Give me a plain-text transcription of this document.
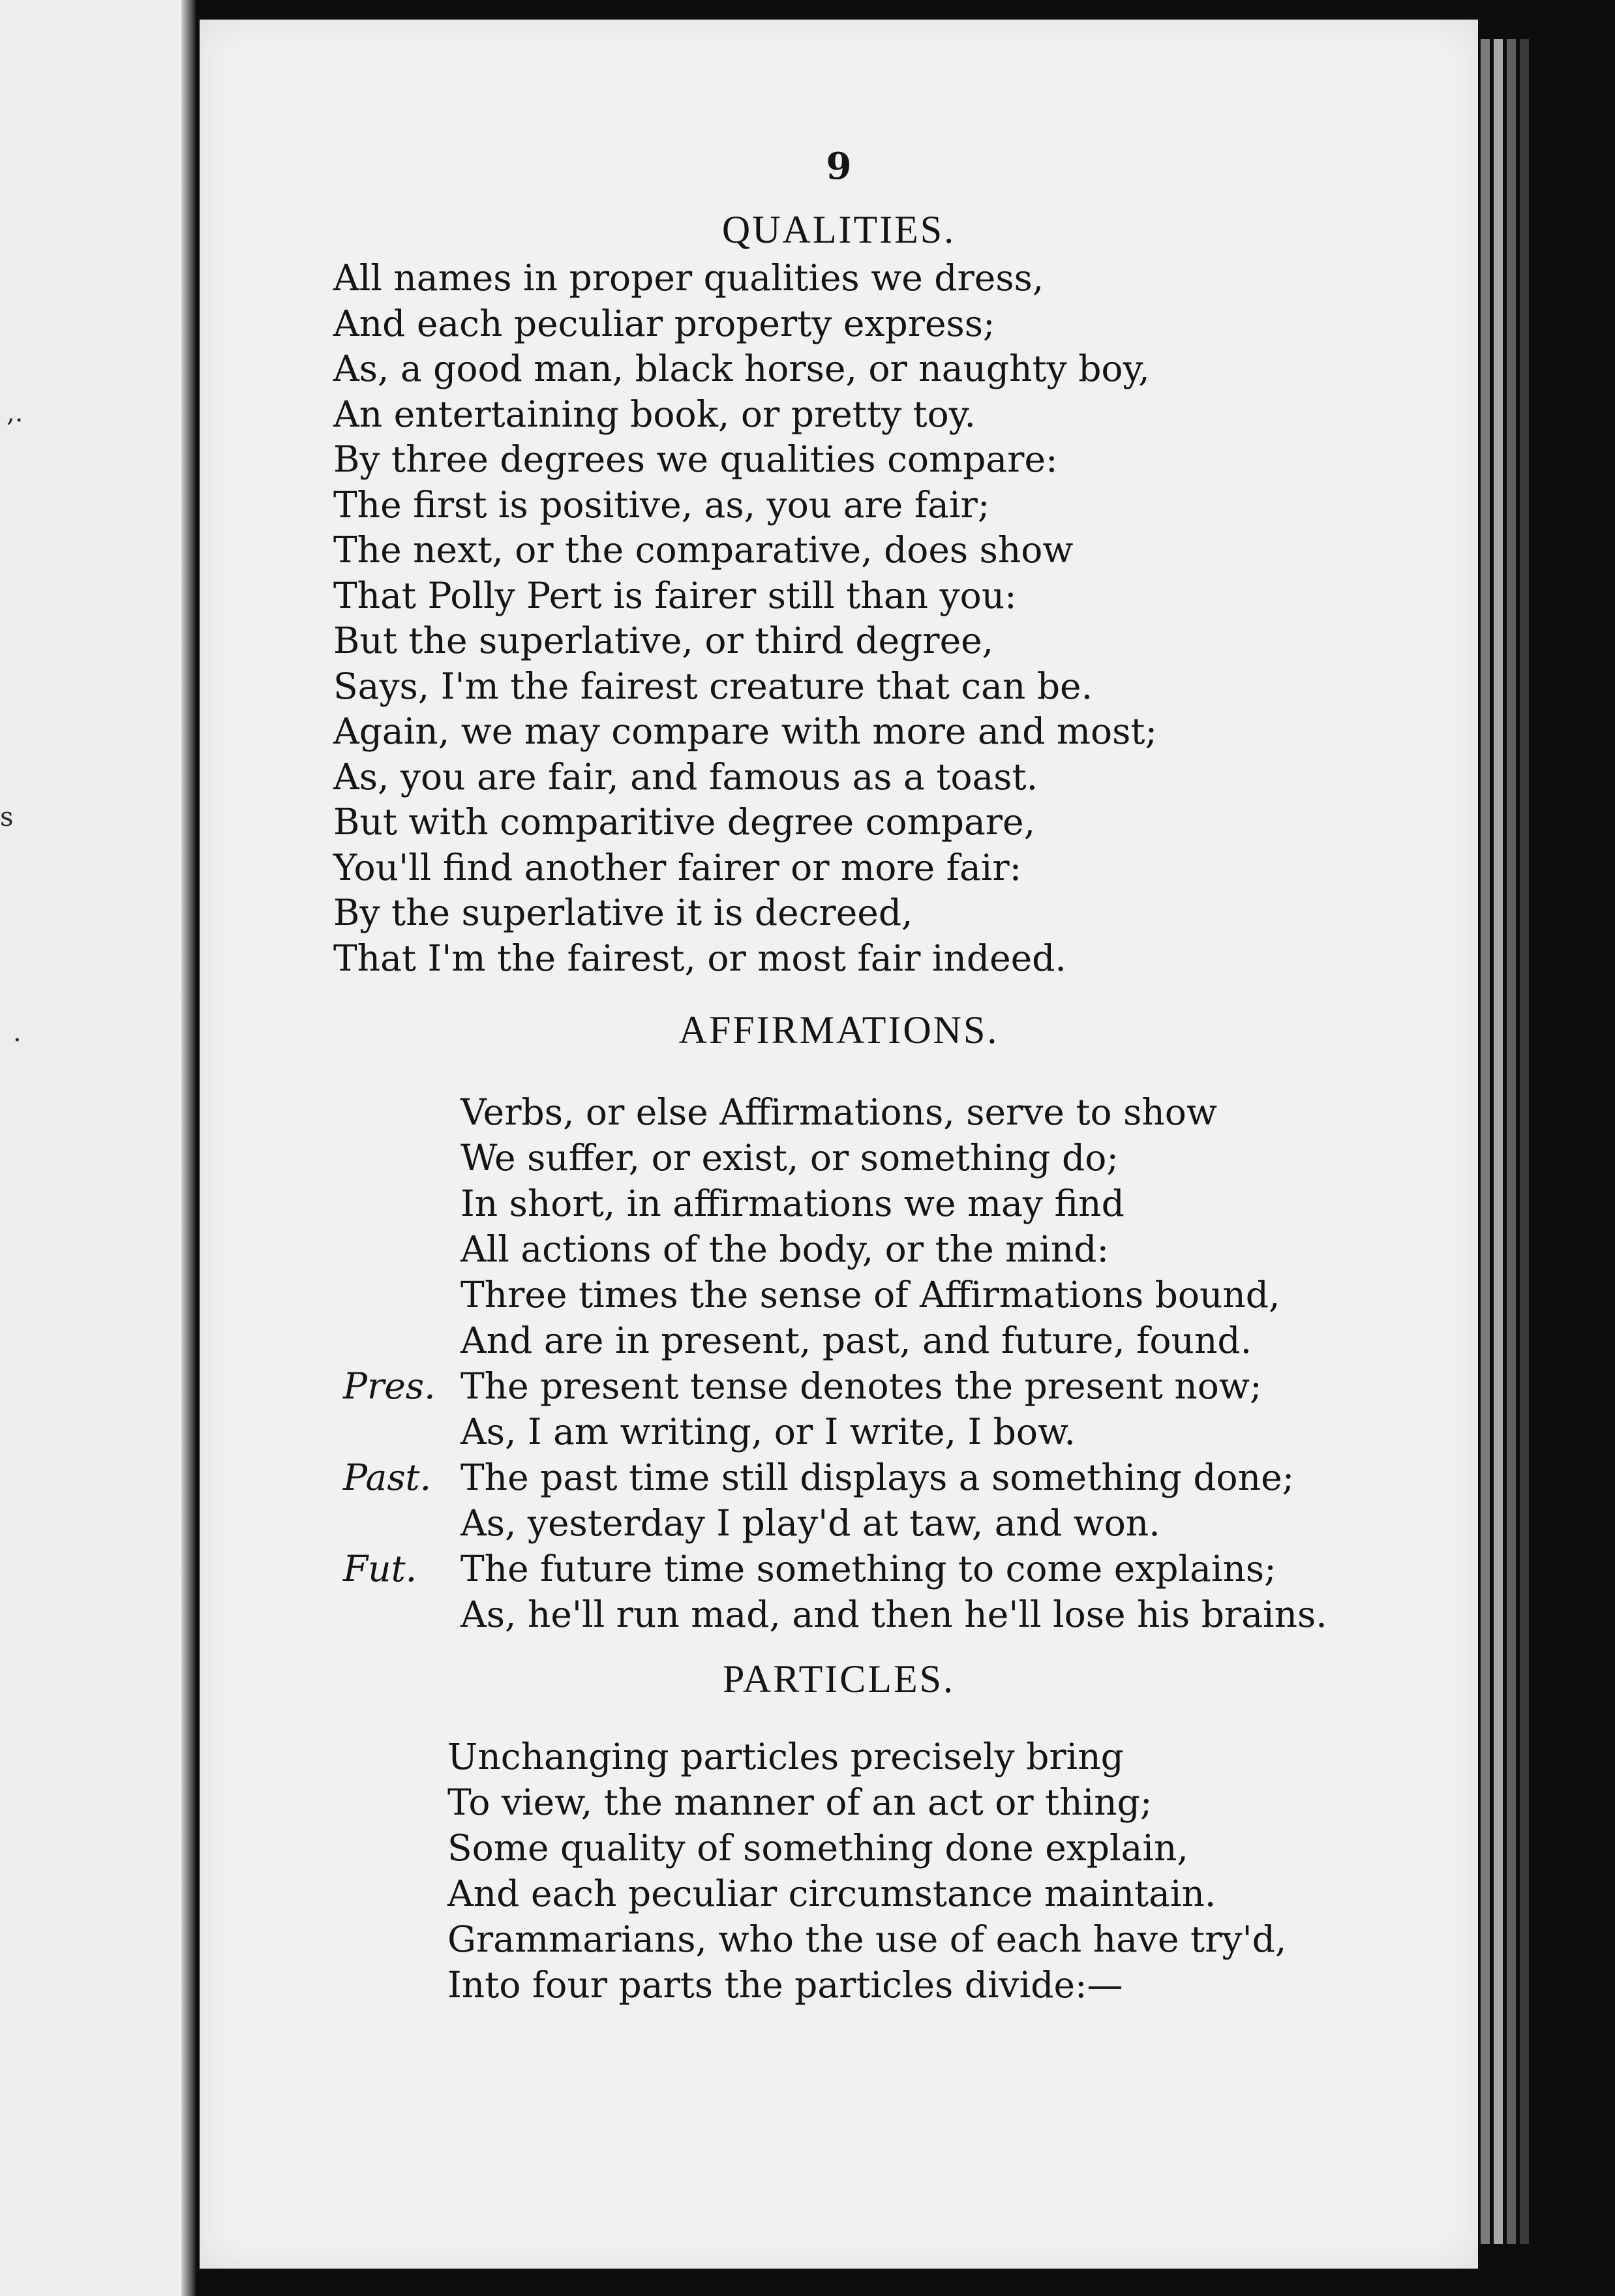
,.
s
.
9
QUALITIES.
All names in proper qualities we dress,
And each peculiar property express;
As, a good man, black horse, or naughty boy,
An entertaining book, or pretty toy.
By three degrees we qualities compare:
The first is positive, as, you are fair;
The next, or the comparative, does show
That Polly Pert is fairer still than you:
But the superlative, or third degree,
Says, I'm the fairest creature that can be.
Again, we may compare with more and most;
As, you are fair, and famous as a toast.
But with comparitive degree compare,
You'll find another fairer or more fair:
By the superlative it is decreed,
That I'm the fairest, or most fair indeed.
AFFIRMATIONS.
Verbs, or else Affirmations, serve to show
We suffer, or exist, or something do;
In short, in affirmations we may find
All actions of the body, or the mind:
Three times the sense of Affirmations bound,
And are in present, past, and future, found.
Pres. The present tense denotes the present now;
As, I am writing, or I write, I bow.
Past. The past time still displays a something done;
As, yesterday I play'd at taw, and won.
Fut. The future time something to come explains;
As, he'll run mad, and then he'll lose his brains.
PARTICLES.
Unchanging particles precisely bring
To view, the manner of an act or thing;
Some quality of something done explain,
And each peculiar circumstance maintain.
Grammarians, who the use of each have try'd,
Into four parts the particles divide:—
